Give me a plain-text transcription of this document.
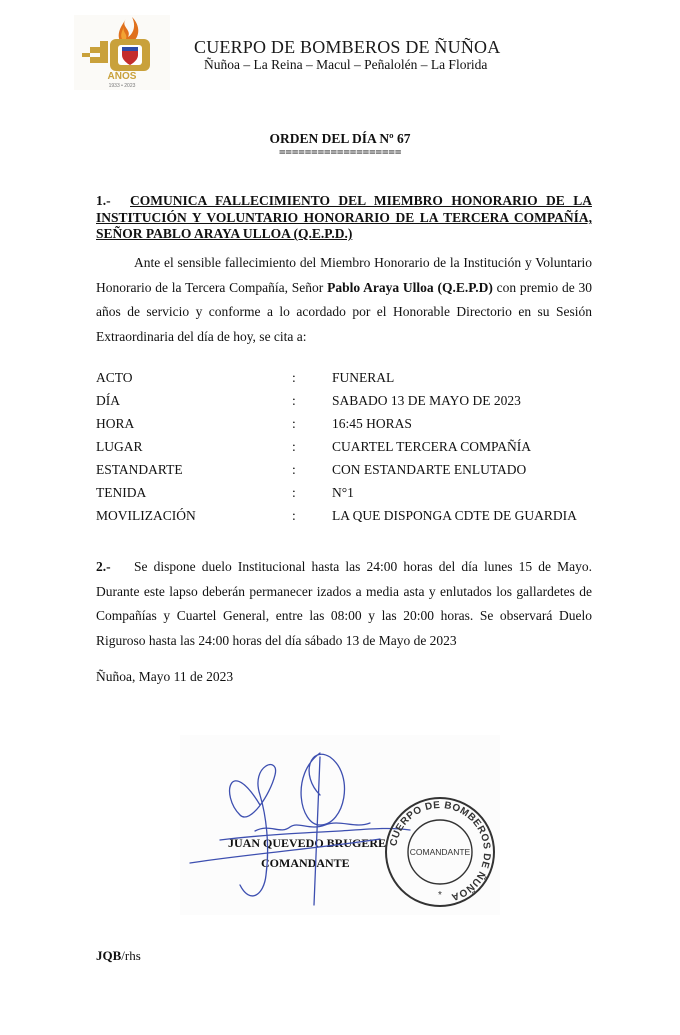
AÑOS
1933 • 2023
CUERPO DE BOMBEROS DE ÑUÑOA
Ñuñoa – La Reina – Macul – Peñalolén – La Florida
ORDEN DEL DÍA Nº 67
===================
1.- COMUNICA FALLECIMIENTO DEL MIEMBRO HONORARIO DE LA
INSTITUCIÓN Y VOLUNTARIO HONORARIO DE LA TERCERA COMPAÑÍA,
SEÑOR PABLO ARAYA ULLOA (Q.E.P.D.)
Ante el sensible fallecimiento del Miembro Honorario de la Institución y Voluntario Honorario de la Tercera Compañía, Señor Pablo Araya Ulloa (Q.E.P.D) con premio de 30 años de servicio y conforme a lo acordado por el Honorable Directorio en su Sesión Extraordinaria del día de hoy, se cita a:
ACTO	:	FUNERAL
DÍA	:	SABADO 13 DE MAYO DE 2023
HORA	:	16:45 HORAS
LUGAR	:	CUARTEL TERCERA COMPAÑÍA
ESTANDARTE	:	CON ESTANDARTE ENLUTADO
TENIDA	:	N°1
MOVILIZACIÓN	:	LA QUE DISPONGA CDTE DE GUARDIA
2.- Se dispone duelo Institucional hasta las 24:00 horas del día lunes 15 de Mayo. Durante este lapso deberán permanecer izados a media asta y enlutados los gallardetes de Compañías y Cuartel General, entre las 08:00 y las 20:00 horas. Se observará Duelo Riguroso hasta las 24:00 horas del día sábado 13 de Mayo de 2023
Ñuñoa, Mayo 11 de 2023
JUAN QUEVEDO BRUGERE
COMANDANTE
CUERPO DE BOMBEROS DE ÑUÑOA
COMANDANTE
*
JQB/rhs
